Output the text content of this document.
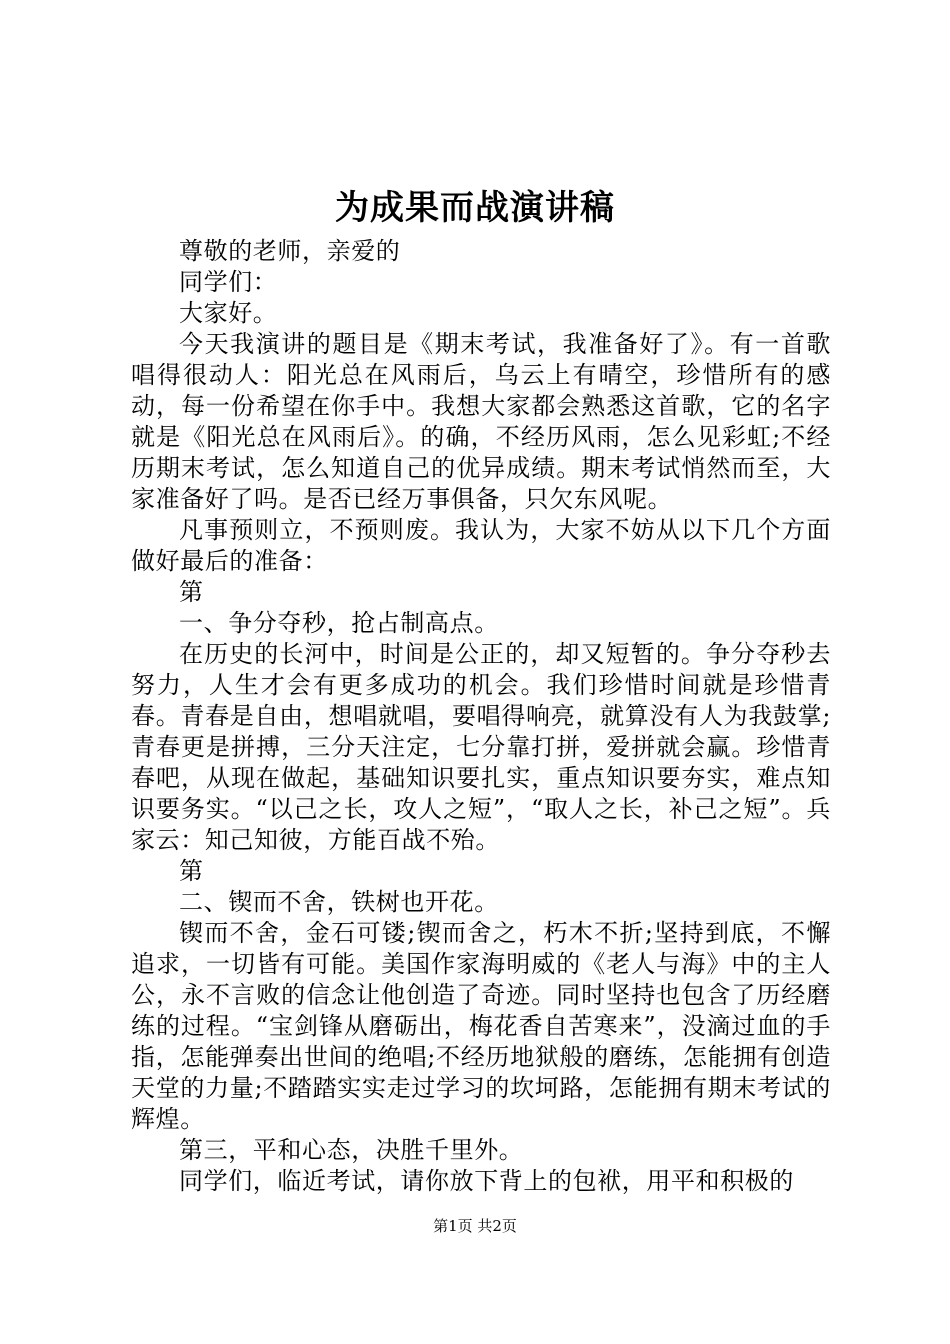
为成果而战演讲稿

尊敬的老师，亲爱的

同学们：

大家好。

今天我演讲的题目是《期末考试，我准备好了》。有一首歌唱得很动人：阳光总在风雨后，乌云上有晴空，珍惜所有的感动，每一份希望在你手中。我想大家都会熟悉这首歌，它的名字就是《阳光总在风雨后》。的确，不经历风雨，怎么见彩虹;不经历期末考试，怎么知道自己的优异成绩。期末考试悄然而至，大家准备好了吗。是否已经万事俱备，只欠东风呢。

凡事预则立，不预则废。我认为，大家不妨从以下几个方面做好最后的准备：

第

一、争分夺秒，抢占制高点。

在历史的长河中，时间是公正的，却又短暂的。争分夺秒去努力，人生才会有更多成功的机会。我们珍惜时间就是珍惜青春。青春是自由，想唱就唱，要唱得响亮，就算没有人为我鼓掌;青春更是拼搏，三分天注定，七分靠打拼，爱拼就会赢。珍惜青春吧，从现在做起，基础知识要扎实，重点知识要夯实，难点知识要务实。“以己之长，攻人之短”，“取人之长，补己之短”。兵家云：知己知彼，方能百战不殆。

第

二、锲而不舍，铁树也开花。

锲而不舍，金石可镂;锲而舍之，朽木不折;坚持到底，不懈追求，一切皆有可能。美国作家海明威的《老人与海》中的主人公，永不言败的信念让他创造了奇迹。同时坚持也包含了历经磨练的过程。“宝剑锋从磨砺出，梅花香自苦寒来”，没滴过血的手指，怎能弹奏出世间的绝唱;不经历地狱般的磨练，怎能拥有创造天堂的力量;不踏踏实实走过学习的坎坷路，怎能拥有期末考试的辉煌。

第三，平和心态，决胜千里外。

同学们，临近考试，请你放下背上的包袱，用平和积极的

第1页 共2页
